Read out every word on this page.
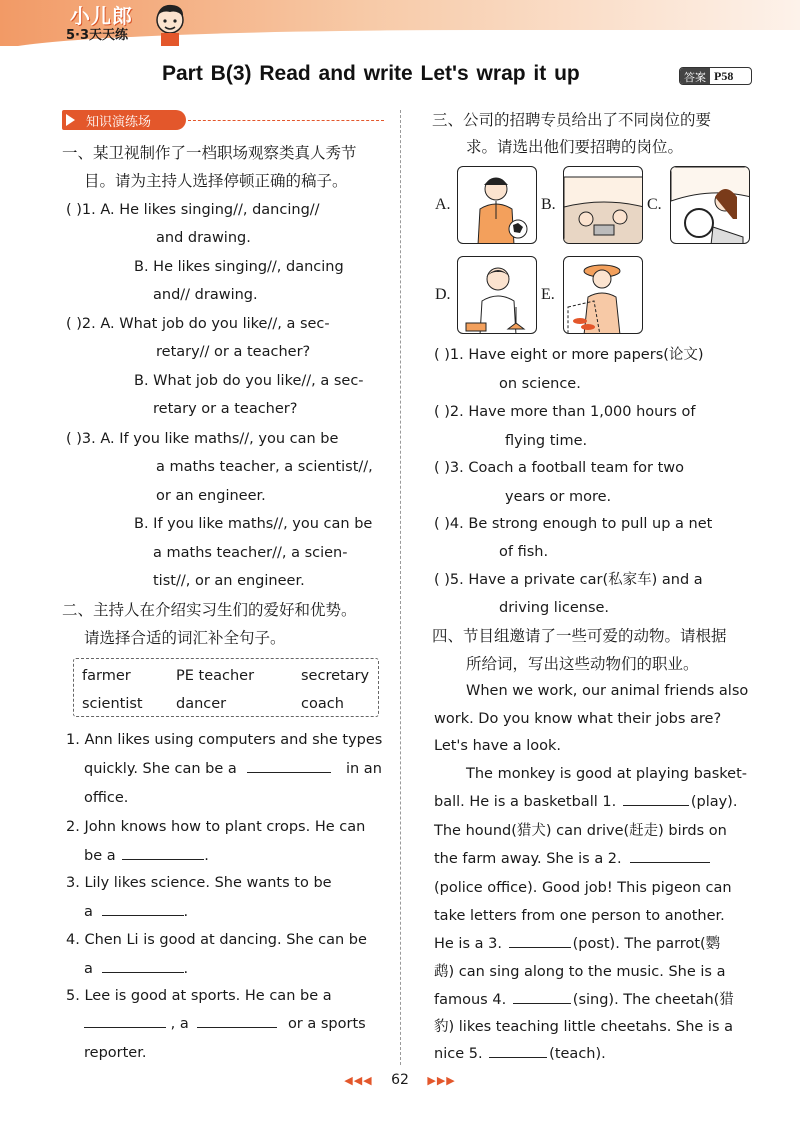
小儿郎
5·3天天练
Part B(3) Read and write Let's wrap it up	答案 P58
知识演练场
一、某卫视制作了一档职场观察类真人秀节
目。请为主持人选择停顿正确的稿子。
( )1. A. He likes singing//, dancing//
and drawing.
B. He likes singing//, dancing
and// drawing.
( )2. A. What job do you like//, a sec-
retary// or a teacher?
B. What job do you like//, a sec-
retary or a teacher?
( )3. A. If you like maths//, you can be
a maths teacher, a scientist//,
or an engineer.
B. If you like maths//, you can be
a maths teacher//, a scien-
tist//, or an engineer.
二、主持人在介绍实习生们的爱好和优势。
请选择合适的词汇补全句子。
farmer	PE teacher	secretary
scientist dancer	coach
1. Ann likes using computers and she types
quickly. She can be a	in an
office.
2. John knows how to plant crops. He can
be a	.
3. Lily likes science. She wants to be
a	.
4. Chen Li is good at dancing. She can be
a	.
5. Lee is good at sports. He can be a
, a	or a sports
reporter.
三、公司的招聘专员给出了不同岗位的要
求。请选出他们要招聘的岗位。
A.	B.	C.
D.	E.
( )1. Have eight or more papers(论文)
on science.
( )2. Have more than 1,000 hours of
flying time.
( )3. Coach a football team for two
years or more.
( )4. Be strong enough to pull up a net
of fish.
( )5. Have a private car(私家车) and a
driving license.
四、节目组邀请了一些可爱的动物。请根据
所给词，写出这些动物们的职业。
When we work, our animal friends also
work. Do you know what their jobs are?
Let's have a look.
The monkey is good at playing basket-
ball. He is a basketball 1.	(play).
The hound(猎犬) can drive(赶走) birds on
the farm away. She is a 2.
(police office). Good job! This pigeon can
take letters from one person to another.
He is a 3.	(post). The parrot(鹦
鹉) can sing along to the music. She is a
famous 4.	(sing). The cheetah(猎
豹) likes teaching little cheetahs. She is a
nice 5.	(teach).
◀◀◀ 62 ▶▶▶
